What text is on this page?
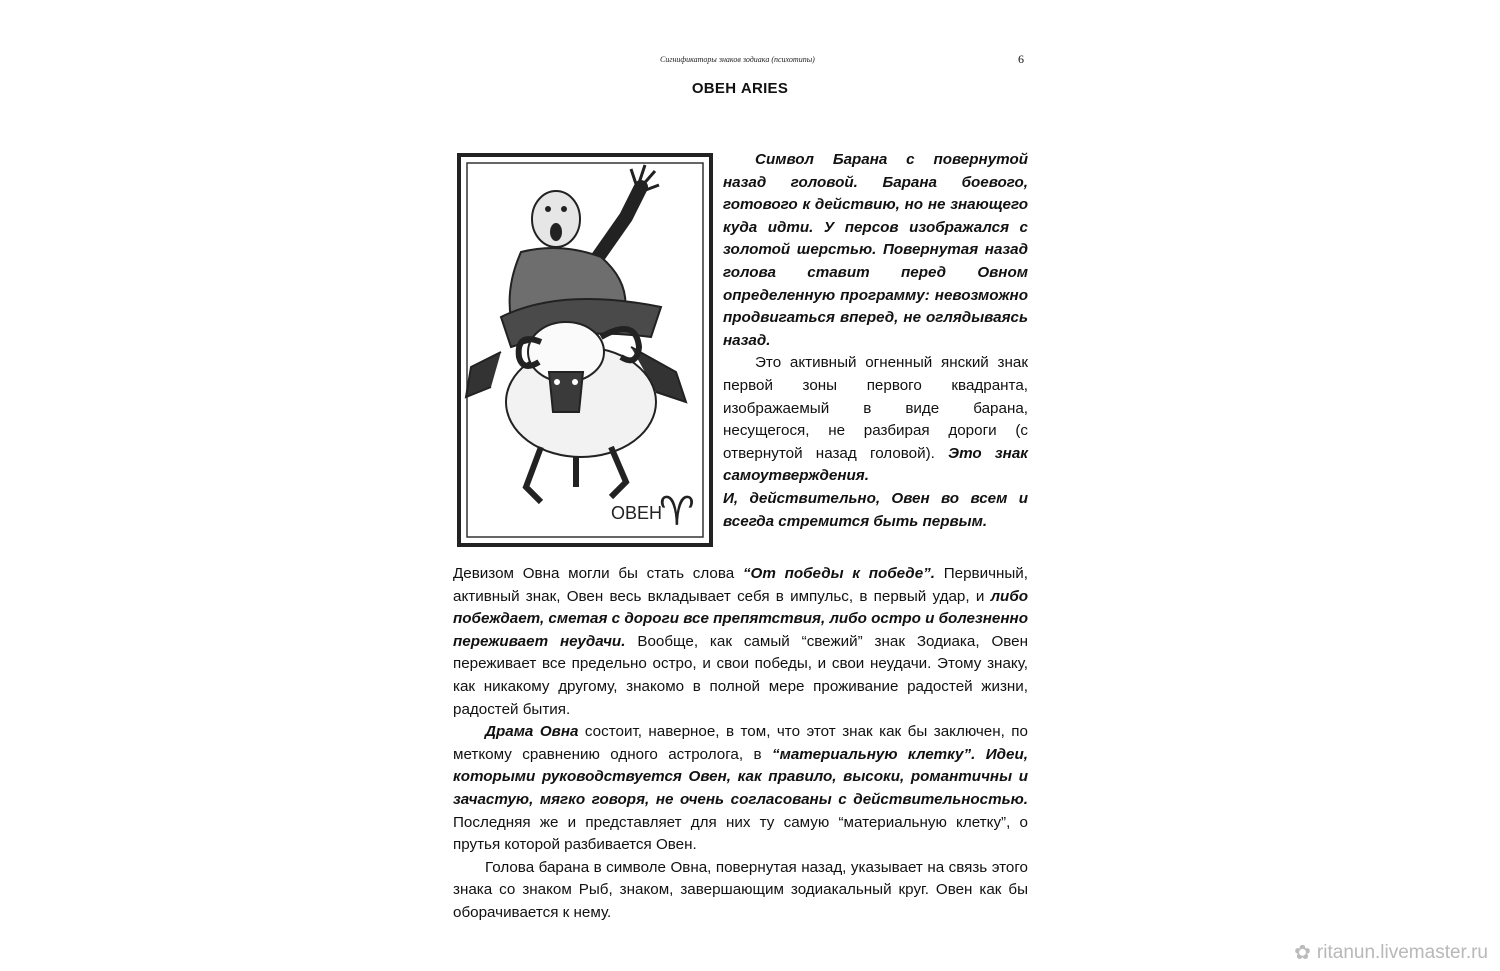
Сигнификаторы знаков зодиака (психотипы)	6
ОВЕН ARIES
ОВЕН
♈

Символ Барана с повернутой назад головой. Барана боевого, готового к действию, но не знающего куда идти. У персов изображался с золотой шерстью. Повернутая назад голова ставит перед Овном определенную программу: невозможно продвигаться вперед, не оглядываясь назад.

Это активный огненный янский знак первой зоны первого квадранта, изображаемый в виде барана, несущегося, не разбирая дороги (с отвернутой назад головой). Это знак самоутверждения.

И, действительно, Овен во всем и всегда стремится быть первым.

Девизом Овна могли бы стать слова “От победы к победе”. Первичный, активный знак, Овен весь вкладывает себя в импульс, в первый удар, и либо побеждает, сметая с дороги все препятствия, либо остро и болезненно переживает неудачи. Вообще, как самый “свежий” знак Зодиака, Овен переживает все предельно остро, и свои победы, и свои неудачи. Этому знаку, как никакому другому, знакомо в полной мере проживание радостей жизни, радостей бытия.

Драма Овна состоит, наверное, в том, что этот знак как бы заключен, по меткому сравнению одного астролога, в “материальную клетку”. Идеи, которыми руководствуется Овен, как правило, высоки, романтичны и зачастую, мягко говоря, не очень согласованы с действительностью. Последняя же и представляет для них ту самую “материальную клетку”, о прутья которой разбивается Овен.

Голова барана в символе Овна, повернутая назад, указывает на связь этого знака со знаком Рыб, знаком, завершающим зодиакальный круг. Овен как бы оборачивается к нему.

✿ ritanun.livemaster.ru
